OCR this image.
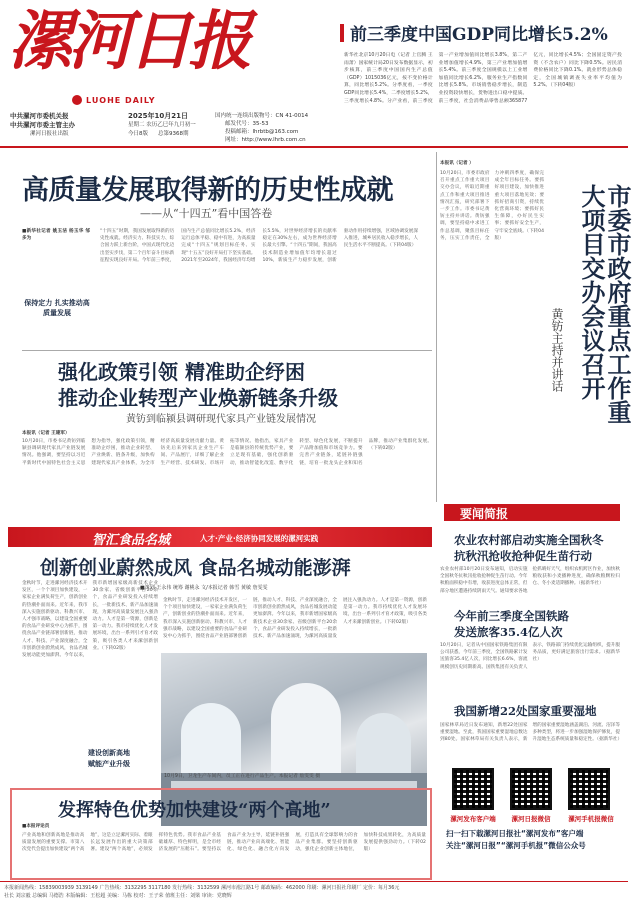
漯河日报
LUOHE DAILY
中共漯河市委机关报
中共漯河市委主管主办
漯河日报社出版
2025年10月21日
星期二 农历乙巳年九月初一
今日8版 总第9368期
国内统一连续出版物号：CN 41-0014
邮发代号：35-53
投稿邮箱：lhrbtb@163.com
网址：http://www.lhrb.com.cn
前三季度中国GDP同比增长5.2%
新华社北京10月20日电（记者 上官腾 王雨萧）国家统计局20日发布数据显示，初步核算，前三季度中国国内生产总值（GDP）1015036亿元，按不变价格计算，同比增长5.2%。分季度看，一季度GDP同比增长5.4%，二季度增长5.2%，三季度增长4.8%。分产业看，前三季度第一产业增加值同比增长3.8%，第二产业增加值增长4.9%，第三产业增加值增长5.4%。前三季度全国规模以上工业增加值同比增长6.2%，服务业生产指数同比增长5.8%。市场销售稳步增长，制造业投资较快增长，货物进出口稳中提质。前三季度，社会消费品零售总额365877亿元，同比增长4.5%；全国固定资产投资（不含农户）同比下降0.5%。居民消费价格同比下降0.1%。就业形势总体稳定，全国城镇调查失业率平均值为5.2%。（下转04版）
高质量发展取得新的历史性成就
——从“十四五”看中国答卷
■新华社记者 姚玉洁 杨玉华 邹多为
保持定力 扎实推动高质量发展
“十四五”时期，我国发展取得新的历史性成就。经济实力、科技实力、综合国力跃上新台阶，中国式现代化迈出坚实步伐，第二个百年奋斗目标新征程实现良好开局。今年前三季度，国内生产总值同比增长5.2%，经济运行总体平稳、稳中有进，为高质量完成“十四五”规划目标任务、实现“十五五”良好开局打下坚实基础。2021年至2024年，我国经济年均增长5.5%，对世界经济增长的贡献率稳定在30%左右，成为世界经济增长最大引擎。“十四五”期间，我国高技术制造业增加值年均增长超过10%，新质生产力稳步发展，创新驱动作用持续增强，区域协调发展深入推进，城乡居民收入稳步增长，人民生活水平不断提高。（下转04版）	市委市政府重点工作重大项目交办会议召开
黄钫主持并讲话
本报讯（记者 ）
10月20日，市委市政府召开重点工作重大项目交办会议，听取近期重点工作和重大项目推进情况汇报，研究部署下一步工作。市委书记黄钫主持并讲话。黄钫强调，要坚持稳中求进工作总基调，聚焦目标任务，压实工作责任，全力冲刺四季度，确保完成全年目标任务。要抓好项目建设，加快推进重大项目落地见效；要抓好招商引资，持续优化营商环境；要抓好民生保障，办好民生实事；要抓好安全生产，守牢安全底线。（下转04版）
强化政策引领 精准助企纾困
推动企业转型产业焕新链条升级
黄钫到临颍县调研现代家具产业链发展情况
本报讯（记者 王建军）
10月20日，市委书记黄钫到临颍县调研现代家具产业链发展情况。他强调，要坚持以习近平新时代中国特色社会主义思想为指导，强化政策引领，精准助企纾困，推动企业转型、产业焕新、链条升级，加快构建现代家具产业体系，为全市经济高质量发展贡献力量。黄钫先后来到家具企业生产车间、产品展厅，详细了解企业生产经营、技术研发、市场开拓等情况。他指出，家具产业是临颍县的传统优势产业，要立足现有基础，强化创新驱动，推动智能化改造、数字化转型、绿色化发展，不断提升产品附加值和市场竞争力。要完善产业链条，延链补链强链，培育一批龙头企业和知名品牌，推动产业集群化发展。（下转02版）
智汇食品名城	人才·产业·经济协同发展的漯河实践
创新创业蔚然成风 食品名城动能澎湃
■策划 王永伟 统筹 谢桃永 文/本报记者 韩雪 黄敏 詹雯雯
金秋时节，走进漯河经济技术开发区，一个个项目加快建设，一家家企业满负荷生产，创新创业的热潮扑面而来。近年来，我市深入实施创新驱动、科教兴市、人才强市战略，以建设全国重要的食品产业研发中心为抓手，围绕食品产业链部署创新链，推动人才、科技、产业深度融合，全市创新创业蔚然成风，食品名城发展动能更加澎湃。今年以来，我市新增国家级高新技术企业30余家、省级创新平台20余个，食品产业研发投入持续增长，一批新技术、新产品加速涌现，为漯河高质量发展注入强劲动力。人才是第一资源，创新是第一动力。我市持续优化人才发展环境，出台一系列引才育才政策，吸引各类人才来漯创新创业。（下转02版）
建设创新高地
赋能产业升级
金秋时节，走进漯河经济技术开发区，一个个项目加快建设，一家家企业满负荷生产，创新创业的热潮扑面而来。近年来，我市深入实施创新驱动、科教兴市、人才强市战略，以建设全国重要的食品产业研发中心为抓手，围绕食品产业链部署创新链，推动人才、科技、产业深度融合，全市创新创业蔚然成风，食品名城发展动能更加澎湃。今年以来，我市新增国家级高新技术企业30余家、省级创新平台20余个，食品产业研发投入持续增长，一批新技术、新产品加速涌现，为漯河高质量发展注入强劲动力。人才是第一资源，创新是第一动力。我市持续优化人才发展环境，出台一系列引才育才政策，吸引各类人才来漯创新创业。（下转02版）
10月9日，卫龙生产车间内，员工正在进行产品生产。本报记者 詹雯雯 摄
发挥特色优势加快建设“两个高地”
■本报评论员
产业高地和创新高地是推动高质量发展的重要支撑。市第八次党代会提出加快建设“两个高地”，这是立足漯河实际、着眼长远发展作出的重大决策部署。建设“两个高地”，必须发挥特色优势。我市食品产业基础雄厚、特色鲜明，是全市经济发展的“压舱石”。要坚持以食品产业为主导，延链补链强链，推动产业向高端化、智能化、绿色化、融合化方向发展，打造具有全球影响力的食品产业集群。要坚持创新驱动，强化企业创新主体地位，加快科技成果转化，为高质量发展提供强劲动力。（下转02版）
要闻简报
农业农村部启动实施全国秋冬
抗秋汛抢收抢种促生苗行动
农业农村部10月20日发布通知，启动实施全国秋冬抗秋汛抢收抢种促生苗行动。今年秋粮面积稳中有增，收获进度总体正常，但部分地区遭遇持续阴雨天气。通知要求各地抢抓晴好天气，组织农机跨区作业，加快秋粮收获和小麦播种进度，确保秋粮颗粒归仓、冬小麦适期播种。（据新华社）
今年前三季度全国铁路
发送旅客35.4亿人次
10月20日，记者从中国国家铁路集团有限公司获悉，今年前三季度，全国铁路累计发送旅客35.4亿人次，同比增长6.6%，客流规模创历史同期新高。国铁集团有关负责人表示，铁路部门持续优化运输组织，提升服务品质，更好满足旅客出行需求。（据新华社）
我国新增22处国家重要湿地
国家林草局近日发布通知，新增22处国家重要湿地。至此，我国国家重要湿地总数达到80处。国家林草局有关负责人表示，新增的国家重要湿地涵盖湖泊、河流、沼泽等多种类型，将进一步加强湿地保护修复，提升湿地生态系统质量和稳定性。（据新华社）
漯河发布客户端	漯河日报微信	漯河手机报微信
扫一扫下载漯河日报社“漯河发布”客户端
关注“漯河日报”“漯河手机报”微信公众号
本报新闻热线：15839003939 3139149 广告热线：3132295 3117180 发行热线：3132599 漯河市淞江路1号 邮政编码：462000 印刷：漯河日报社印刷厂 定价：每月36元
社长 刘宗毅 总编辑 马德浩 本版编辑：王松超 美编：马栋 校对：王子荣 值班主任：刘梁 审读：党晓辉
